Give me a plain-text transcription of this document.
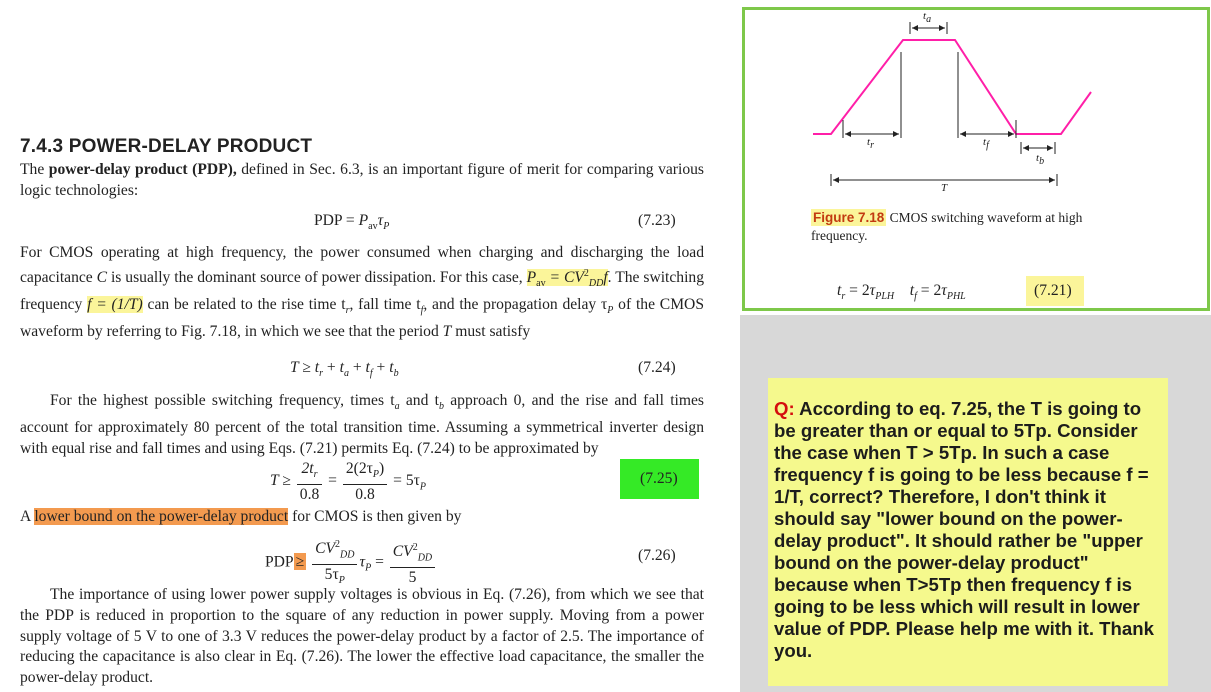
7.4.3 POWER-DELAY PRODUCT
The power-delay product (PDP), defined in Sec. 6.3, is an important figure of merit for comparing various logic technologies:
PDP = $P_{av}\tau_P$	(7.23)
For CMOS operating at high frequency, the power consumed when charging and discharging the load capacitance C is usually the dominant source of power dissipation. For this case, $P_{av} = CV^2_{DD}f$. The switching frequency f = (1/T) can be related to the rise time $t_r$, fall time $t_f$, and the propagation delay $\tau_P$ of the CMOS waveform by referring to Fig. 7.18, in which we see that the period T must satisfy
$T \ge t_r + t_a + t_f + t_b$	(7.24)
For the highest possible switching frequency, times $t_a$ and $t_b$ approach 0, and the rise and fall times account for approximately 80 percent of the total transition time. Assuming a symmetrical inverter design with equal rise and fall times and using Eqs. (7.21) permits Eq. (7.24) to be approximated by
$T \ge \frac{2t_r}{0.8} = \frac{2(2\tau_P)}{0.8} = 5\tau_P$	(7.25)
A lower bound on the power-delay product for CMOS is then given by
PDP ≥ $\frac{CV^2_{DD}}{5\tau_P} \tau_P = \frac{CV^2_{DD}}{5}$	(7.26)
The importance of using lower power supply voltages is obvious in Eq. (7.26), from which we see that the PDP is reduced in proportion to the square of any reduction in power supply. Moving from a power supply voltage of 5 V to one of 3.3 V reduces the power-delay product by a factor of 2.5. The importance of reducing the capacitance is also clear in Eq. (7.26). The lower the effective load capacitance, the smaller the power-delay product.
$t_a$
$t_r$	$t_f$
$t_b$
T
Figure 7.18 CMOS switching waveform at high frequency.
$t_r = 2\tau_{PLH}$ $t_f = 2\tau_{PHL}$	(7.21)
Q: According to eq. 7.25, the T is going to be greater than or equal to 5Tp. Consider the case when T > 5Tp. In such a case frequency f is going to be less because f = 1/T, correct? Therefore, I don't think it should say "lower bound on the power-delay product". It should rather be "upper bound on the power-delay product" because when T>5Tp then frequency f is going to be less which will result in lower value of PDP. Please help me with it. Thank you.
